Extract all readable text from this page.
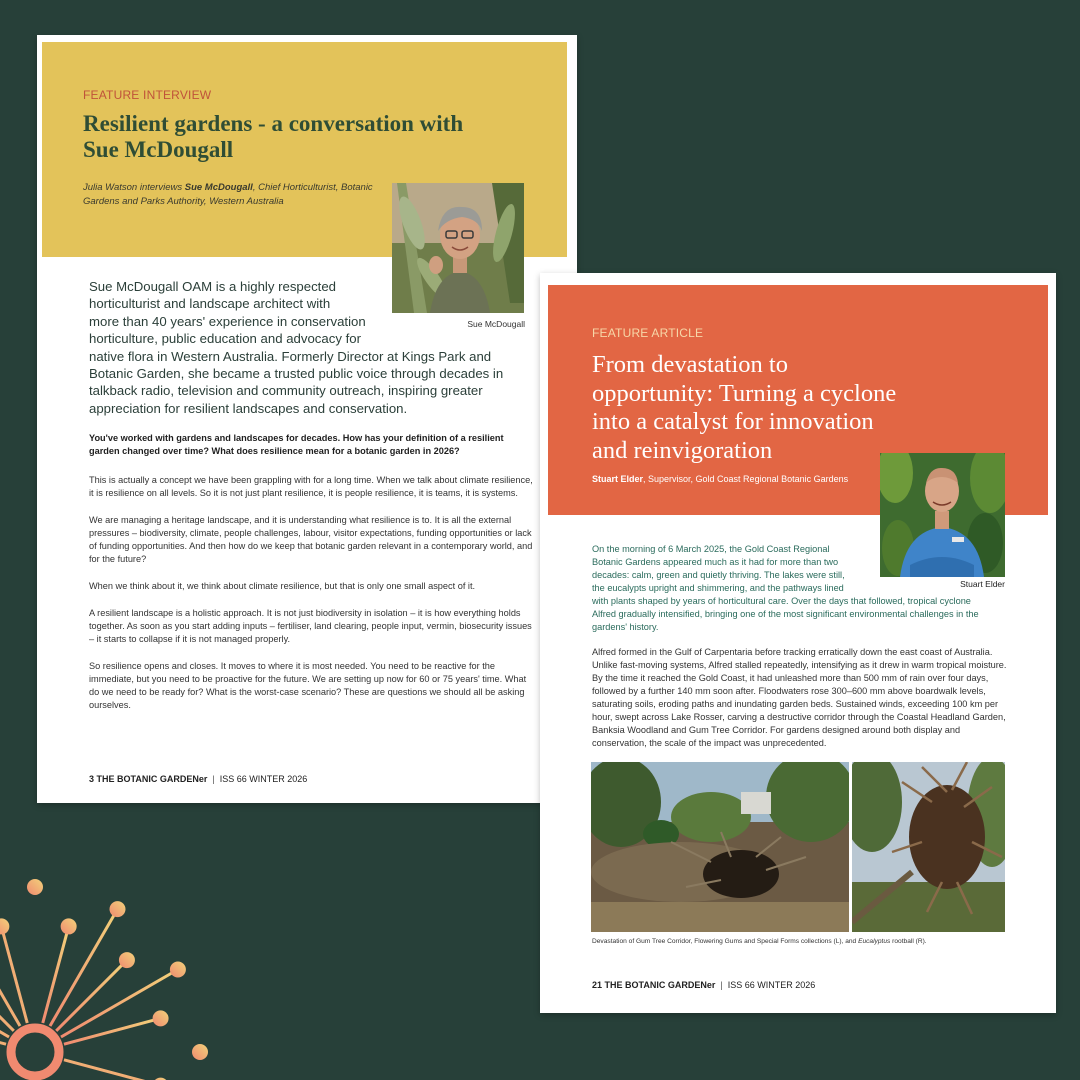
FEATURE INTERVIEW
Resilient gardens - a conversation with Sue McDougall
Julia Watson interviews Sue McDougall, Chief Horticulturist, Botanic Gardens and Parks Authority, Western Australia
Sue McDougall
Sue McDougall OAM is a highly respected
horticulturist and landscape architect with
more than 40 years' experience in conservation
horticulture, public education and advocacy for
native flora in Western Australia. Formerly Director at Kings Park and
Botanic Garden, she became a trusted public voice through decades in
talkback radio, television and community outreach, inspiring greater
appreciation for resilient landscapes and conservation.
You've worked with gardens and landscapes for decades. How has your definition of a resilient garden changed over time? What does resilience mean for a botanic garden in 2026?

This is actually a concept we have been grappling with for a long time. When we talk about climate resilience, it is resilience on all levels. So it is not just plant resilience, it is people resilience, it is teams, it is systems.

We are managing a heritage landscape, and it is understanding what resilience is to. It is all the external pressures – biodiversity, climate, people challenges, labour, visitor expectations, funding opportunities or lack of funding opportunities. And then how do we keep that botanic garden relevant in a contemporary world, and for the future?

When we think about it, we think about climate resilience, but that is only one small aspect of it.

A resilient landscape is a holistic approach. It is not just biodiversity in isolation – it is how everything holds together. As soon as you start adding inputs – fertiliser, land clearing, people input, vermin, biosecurity issues – it starts to collapse if it is not managed properly.

So resilience opens and closes. It moves to where it is most needed. You need to be reactive for the immediate, but you need to be proactive for the future. We are setting up now for 60 or 75 years' time. What do we need to be ready for? What is the worst-case scenario? These are questions we should all be asking ourselves.

3 THE BOTANIC GARDENer | ISS 66 WINTER 2026
FEATURE ARTICLE
From devastation to
opportunity: Turning a cyclone
into a catalyst for innovation
and reinvigoration
Stuart Elder, Supervisor, Gold Coast Regional Botanic Gardens
Stuart Elder
On the morning of 6 March 2025, the Gold Coast Regional
Botanic Gardens appeared much as it had for more than two
decades: calm, green and quietly thriving. The lakes were still,
the eucalypts upright and shimmering, and the pathways lined
with plants shaped by years of horticultural care. Over the days that followed, tropical cyclone
Alfred gradually intensified, bringing one of the most significant environmental challenges in the
gardens' history.

Alfred formed in the Gulf of Carpentaria before tracking erratically down the east coast of Australia. Unlike fast-moving systems, Alfred stalled repeatedly, intensifying as it drew in warm tropical moisture. By the time it reached the Gold Coast, it had unleashed more than 500 mm of rain over four days, followed by a further 140 mm soon after. Floodwaters rose 300–600 mm above boardwalk levels, saturating soils, eroding paths and inundating garden beds. Sustained winds, exceeding 100 km per hour, swept across Lake Rosser, carving a destructive corridor through the Coastal Headland Garden, Banksia Woodland and Gum Tree Corridor. For gardens designed around both display and conservation, the scale of the impact was unprecedented.

Devastation of Gum Tree Corridor, Flowering Gums and Special Forms collections (L), and Eucalyptus rootball (R).
21 THE BOTANIC GARDENer | ISS 66 WINTER 2026
